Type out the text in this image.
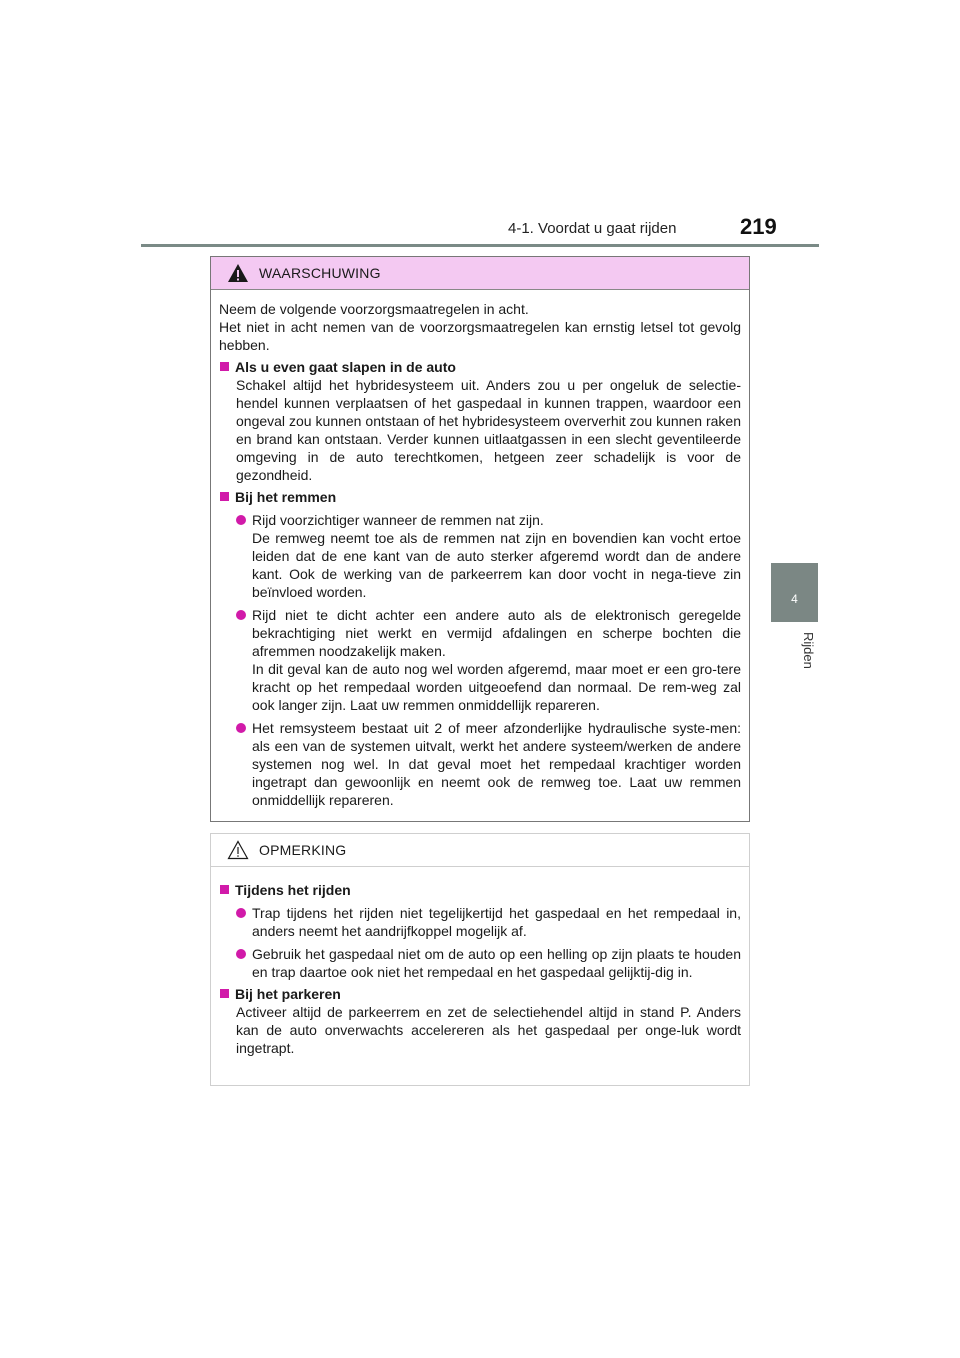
4-1. Voordat u gaat rijden	219
4
Rijden
WAARSCHUWING

Neem de volgende voorzorgsmaatregelen in acht.

Het niet in acht nemen van de voorzorgsmaatregelen kan ernstig letsel tot gevolg hebben.

Als u even gaat slapen in de auto

Schakel altijd het hybridesysteem uit. Anders zou u per ongeluk de selectie-hendel kunnen verplaatsen of het gaspedaal in kunnen trappen, waardoor een ongeval zou kunnen ontstaan of het hybridesysteem oververhit zou kunnen raken en brand kan ontstaan. Verder kunnen uitlaatgassen in een slecht geventileerde omgeving in de auto terechtkomen, hetgeen zeer schadelijk is voor de gezondheid.

Bij het remmen

Rijd voorzichtiger wanneer de remmen nat zijn.

De remweg neemt toe als de remmen nat zijn en bovendien kan vocht ertoe leiden dat de ene kant van de auto sterker afgeremd wordt dan de andere kant. Ook de werking van de parkeerrem kan door vocht in nega-tieve zin beïnvloed worden.

Rijd niet te dicht achter een andere auto als de elektronisch geregelde bekrachtiging niet werkt en vermijd afdalingen en scherpe bochten die afremmen noodzakelijk maken.

In dit geval kan de auto nog wel worden afgeremd, maar moet er een gro-tere kracht op het rempedaal worden uitgeoefend dan normaal. De rem-weg zal ook langer zijn. Laat uw remmen onmiddellijk repareren.

Het remsysteem bestaat uit 2 of meer afzonderlijke hydraulische syste-men: als een van de systemen uitvalt, werkt het andere systeem/werken de andere systemen nog wel. In dat geval moet het rempedaal krachtiger worden ingetrapt dan gewoonlijk en neemt ook de remweg toe. Laat uw remmen onmiddellijk repareren.

OPMERKING
Tijdens het rijden

Trap tijdens het rijden niet tegelijkertijd het gaspedaal en het rempedaal in, anders neemt het aandrijfkoppel mogelijk af.

Gebruik het gaspedaal niet om de auto op een helling op zijn plaats te houden en trap daartoe ook niet het rempedaal en het gaspedaal gelijktij-dig in.

Bij het parkeren

Activeer altijd de parkeerrem en zet de selectiehendel altijd in stand P. Anders kan de auto onverwachts accelereren als het gaspedaal per onge-luk wordt ingetrapt.
